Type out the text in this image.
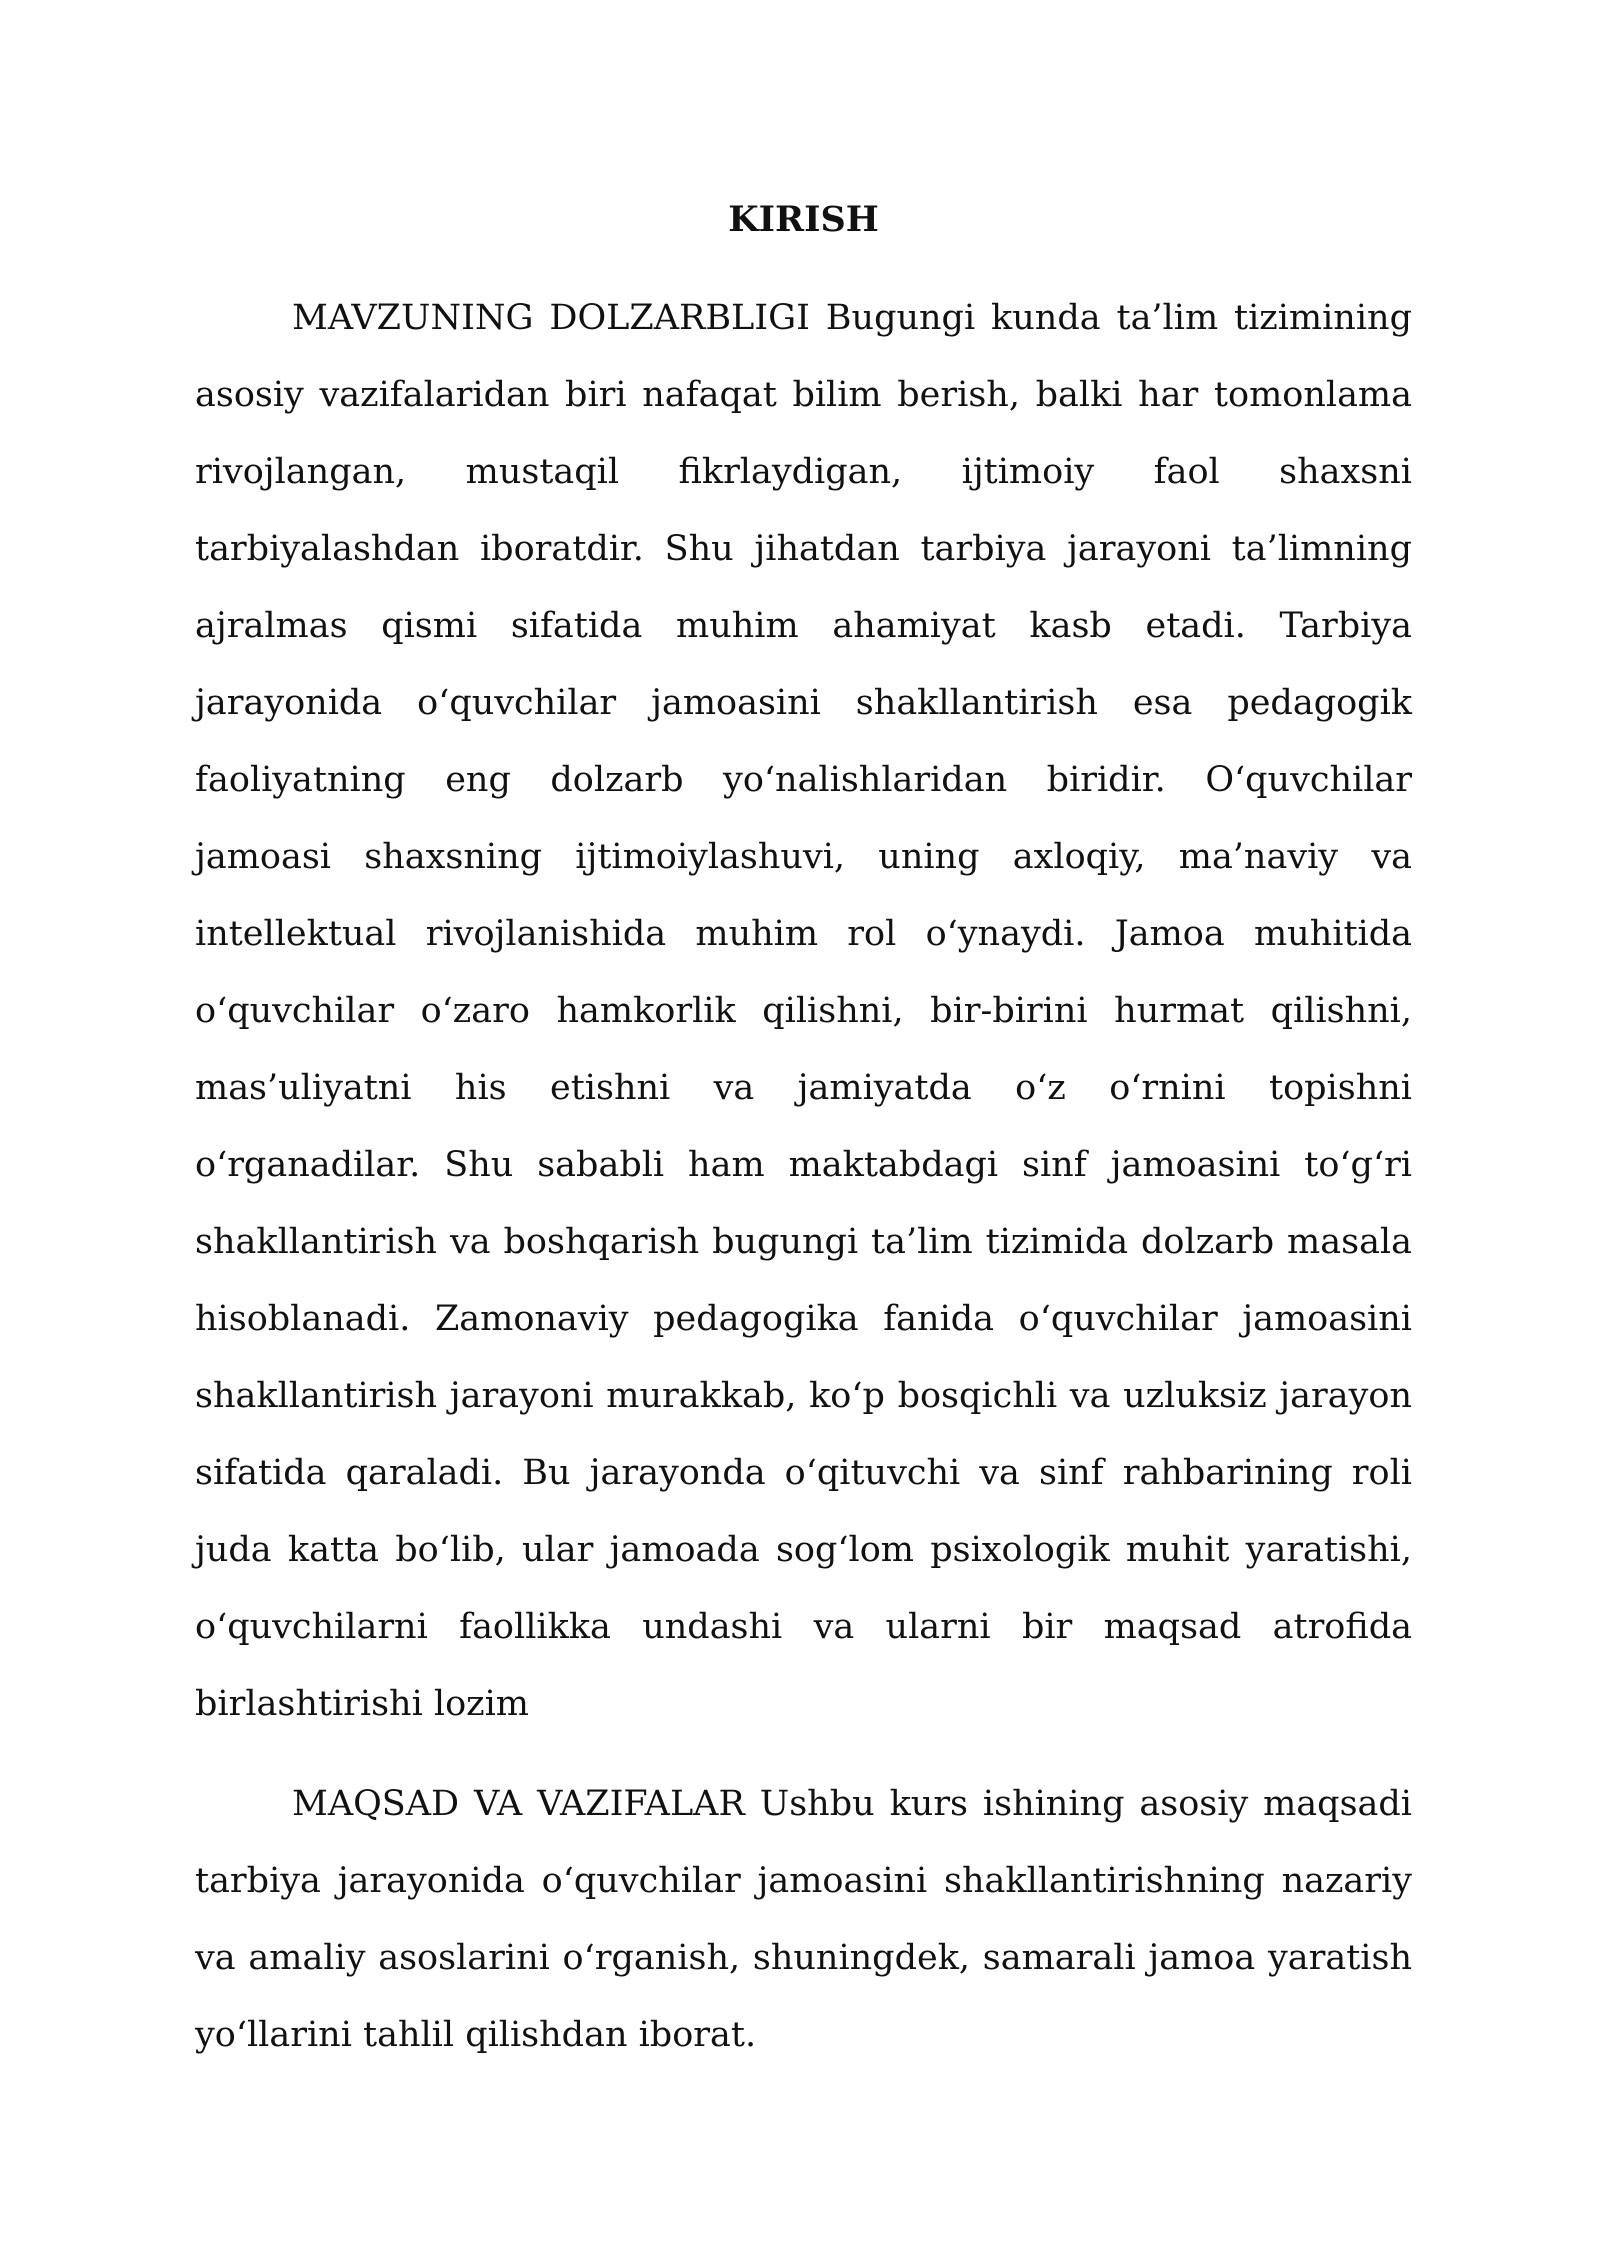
KIRISH

MAVZUNING DOLZARBLIGI Bugungi kunda ta’lim tizimining asosiy vazifalaridan biri nafaqat bilim berish, balki har tomonlama rivojlangan, mustaqil fikrlaydigan, ijtimoiy faol shaxsni tarbiyalashdan iboratdir. Shu jihatdan tarbiya jarayoni ta’limning ajralmas qismi sifatida muhim ahamiyat kasb etadi. Tarbiya jarayonida o‘quvchilar jamoasini shakllantirish esa pedagogik faoliyatning eng dolzarb yo‘nalishlaridan biridir. O‘quvchilar jamoasi shaxsning ijtimoiylashuvi, uning axloqiy, ma’naviy va intellektual rivojlanishida muhim rol o‘ynaydi. Jamoa muhitida o‘quvchilar o‘zaro hamkorlik qilishni, bir-birini hurmat qilishni, mas’uliyatni his etishni va jamiyatda o‘z o‘rnini topishni o‘rganadilar. Shu sababli ham maktabdagi sinf jamoasini to‘g‘ri shakllantirish va boshqarish bugungi ta’lim tizimida dolzarb masala hisoblanadi. Zamonaviy pedagogika fanida o‘quvchilar jamoasini shakllantirish jarayoni murakkab, ko‘p bosqichli va uzluksiz jarayon sifatida qaraladi. Bu jarayonda o‘qituvchi va sinf rahbarining roli juda katta bo‘lib, ular jamoada sog‘lom psixologik muhit yaratishi, o‘quvchilarni faollikka undashi va ularni bir maqsad atrofida birlashtirishi lozim

MAQSAD VA VAZIFALAR Ushbu kurs ishining asosiy maqsadi tarbiya jarayonida o‘quvchilar jamoasini shakllantirishning nazariy va amaliy asoslarini o‘rganish, shuningdek, samarali jamoa yaratish yo‘llarini tahlil qilishdan iborat.
